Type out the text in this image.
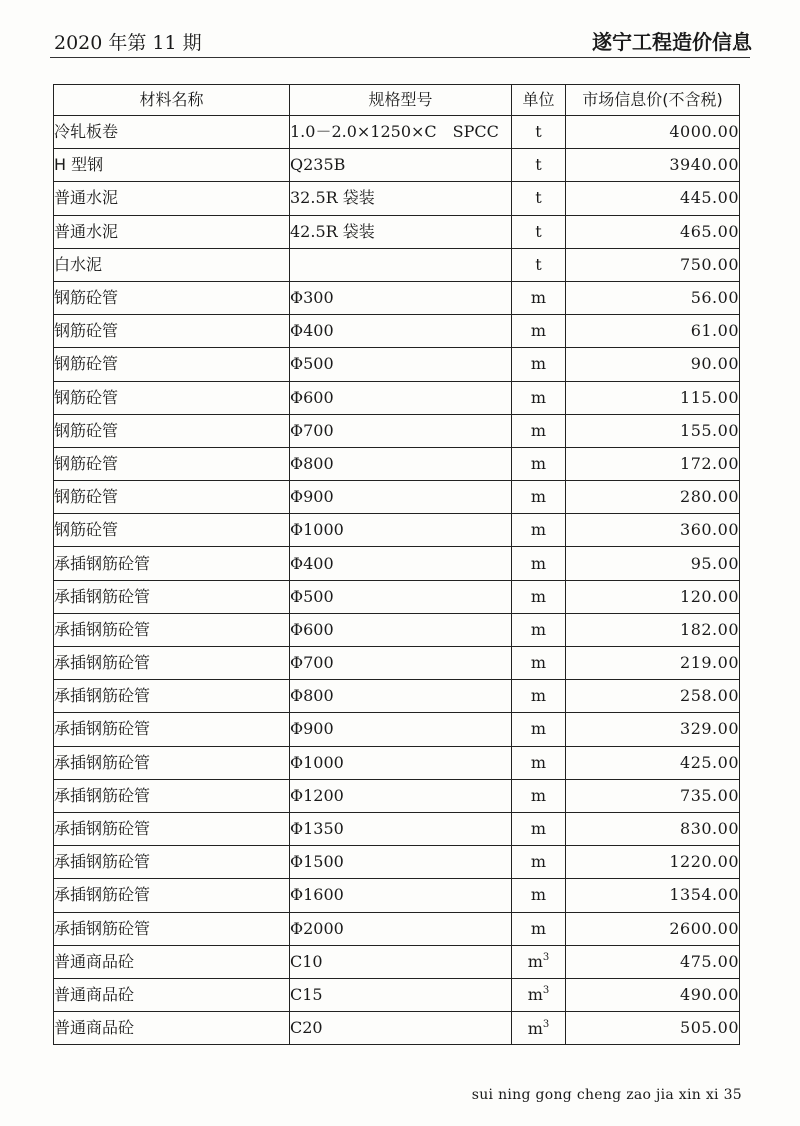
2020 年第 11 期	遂宁工程造价信息
材料名称	规格型号	单位	市场信息价(不含税)
冷轧板卷	1.0－2.0×1250×C　SPCC	t	4000.00
H 型钢	Q235B	t	3940.00
普通水泥	32.5R 袋装	t	445.00
普通水泥	42.5R 袋装	t	465.00
白水泥		t	750.00
钢筋砼管	Φ300	m	56.00
钢筋砼管	Φ400	m	61.00
钢筋砼管	Φ500	m	90.00
钢筋砼管	Φ600	m	115.00
钢筋砼管	Φ700	m	155.00
钢筋砼管	Φ800	m	172.00
钢筋砼管	Φ900	m	280.00
钢筋砼管	Φ1000	m	360.00
承插钢筋砼管	Φ400	m	95.00
承插钢筋砼管	Φ500	m	120.00
承插钢筋砼管	Φ600	m	182.00
承插钢筋砼管	Φ700	m	219.00
承插钢筋砼管	Φ800	m	258.00
承插钢筋砼管	Φ900	m	329.00
承插钢筋砼管	Φ1000	m	425.00
承插钢筋砼管	Φ1200	m	735.00
承插钢筋砼管	Φ1350	m	830.00
承插钢筋砼管	Φ1500	m	1220.00
承插钢筋砼管	Φ1600	m	1354.00
承插钢筋砼管	Φ2000	m	2600.00
普通商品砼	C10	$m^3$	475.00
普通商品砼	C15	$m^3$	490.00
普通商品砼	C20	$m^3$	505.00
sui ning gong cheng zao jia xin xi 35
